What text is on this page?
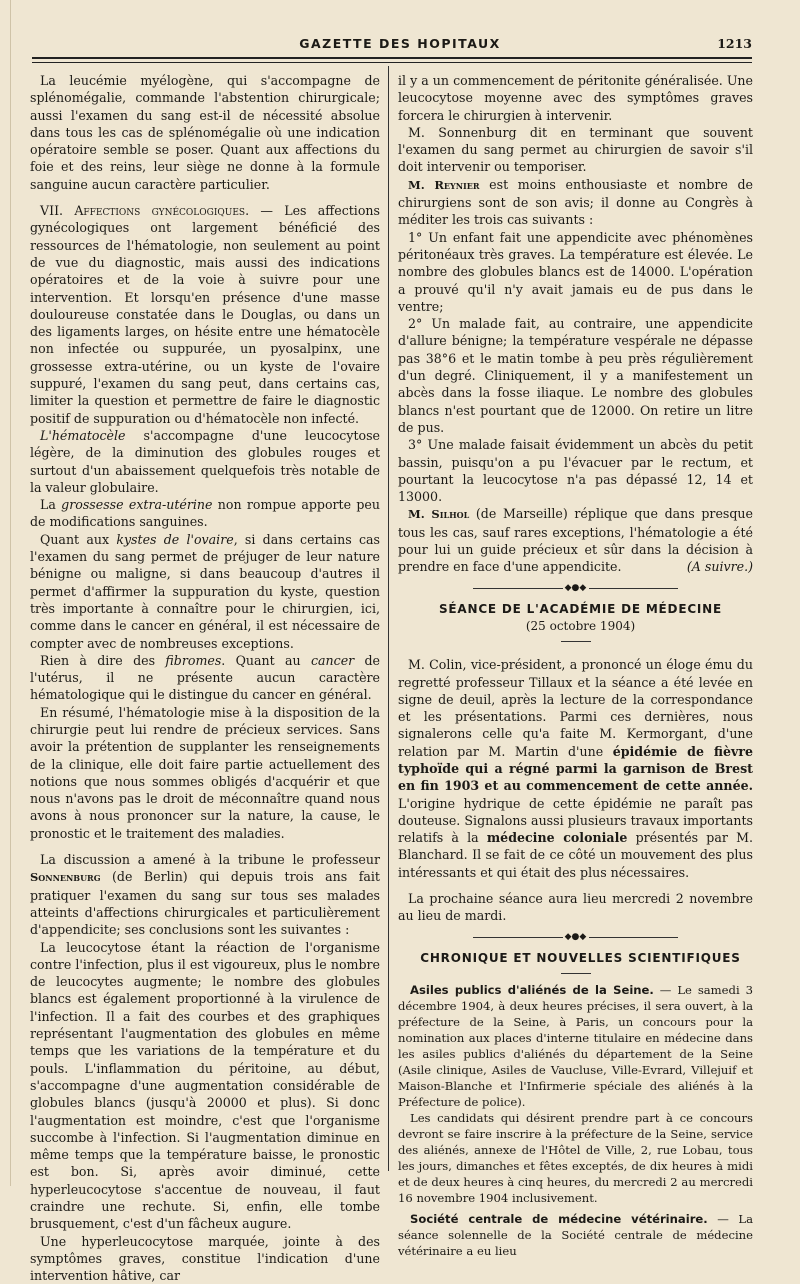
GAZETTE DES HOPITAUX	1213

La leucémie myélogène, qui s'accompagne de splénomégalie, commande l'abstention chirurgicale; aussi l'examen du sang est-il de nécessité absolue dans tous les cas de splénomégalie où une indication opératoire semble se poser. Quant aux affections du foie et des reins, leur siège ne donne à la formule sanguine aucun caractère particulier.

VII. Affections gynécologiques. — Les affections gynécologiques ont largement bénéficié des ressources de l'hématologie, non seulement au point de vue du diagnostic, mais aussi des indications opératoires et de la voie à suivre pour une intervention. Et lorsqu'en présence d'une masse douloureuse constatée dans le Douglas, ou dans un des ligaments larges, on hésite entre une hématocèle non infectée ou suppurée, un pyosalpinx, une grossesse extra-utérine, ou un kyste de l'ovaire suppuré, l'examen du sang peut, dans certains cas, limiter la question et permettre de faire le diagnostic positif de suppuration ou d'hématocèle non infecté.

L'hématocèle s'accompagne d'une leucocytose légère, de la diminution des globules rouges et surtout d'un abaissement quelquefois très notable de la valeur globulaire.

La grossesse extra-utérine non rompue apporte peu de modifications sanguines.

Quant aux kystes de l'ovaire, si dans certains cas l'examen du sang permet de préjuger de leur nature bénigne ou maligne, si dans beaucoup d'autres il permet d'affirmer la suppuration du kyste, question très importante à connaître pour le chirurgien, ici, comme dans le cancer en général, il est nécessaire de compter avec de nombreuses exceptions.

Rien à dire des fibromes. Quant au cancer de l'utérus, il ne présente aucun caractère hématologique qui le distingue du cancer en général.

En résumé, l'hématologie mise à la disposition de la chirurgie peut lui rendre de précieux services. Sans avoir la prétention de supplanter les renseignements de la clinique, elle doit faire partie actuellement des notions que nous sommes obligés d'acquérir et que nous n'avons pas le droit de méconnaître quand nous avons à nous prononcer sur la nature, la cause, le pronostic et le traitement des maladies.

La discussion a amené à la tribune le professeur Sonnenburg (de Berlin) qui depuis trois ans fait pratiquer l'examen du sang sur tous ses malades atteints d'affections chirurgicales et particulièrement d'appendicite; ses conclusions sont les suivantes :

La leucocytose étant la réaction de l'organisme contre l'infection, plus il est vigoureux, plus le nombre de leucocytes augmente; le nombre des globules blancs est également proportionné à la virulence de l'infection. Il a fait des courbes et des graphiques représentant l'augmentation des globules en même temps que les variations de la température et du pouls. L'inflammation du péritoine, au début, s'accompagne d'une augmentation considérable de globules blancs (jusqu'à 20000 et plus). Si donc l'augmentation est moindre, c'est que l'organisme succombe à l'infection. Si l'augmentation diminue en même temps que la température baisse, le pronostic est bon. Si, après avoir diminué, cette hyperleucocytose s'accentue de nouveau, il faut craindre une rechute. Si, enfin, elle tombe brusquement, c'est d'un fâcheux augure.

Une hyperleucocytose marquée, jointe à des symptômes graves, constitue l'indication d'une intervention hâtive, car

il y a un commencement de péritonite généralisée. Une leucocytose moyenne avec des symptômes graves forcera le chirurgien à intervenir.

M. Sonnenburg dit en terminant que souvent l'examen du sang permet au chirurgien de savoir s'il doit intervenir ou temporiser.

M. Reynier est moins enthousiaste et nombre de chirurgiens sont de son avis; il donne au Congrès à méditer les trois cas suivants :

1° Un enfant fait une appendicite avec phénomènes péritonéaux très graves. La température est élevée. Le nombre des globules blancs est de 14000. L'opération a prouvé qu'il n'y avait jamais eu de pus dans le ventre;

2° Un malade fait, au contraire, une appendicite d'allure bénigne; la température vespérale ne dépasse pas 38°6 et le matin tombe à peu près régulièrement d'un degré. Cliniquement, il y a manifestement un abcès dans la fosse iliaque. Le nombre des globules blancs n'est pourtant que de 12000. On retire un litre de pus.

3° Une malade faisait évidemment un abcès du petit bassin, puisqu'on a pu l'évacuer par le rectum, et pourtant la leucocytose n'a pas dépassé 12, 14 et 13000.

M. Silhol (de Marseille) réplique que dans presque tous les cas, sauf rares exceptions, l'hématologie a été pour lui un guide précieux et sûr dans la décision à prendre en face d'une appendicite.	(A suivre.)

◆●◆

SÉANCE DE L'ACADÉMIE DE MÉDECINE

(25 octobre 1904)

M. Colin, vice-président, a prononcé un éloge ému du regretté professeur Tillaux et la séance a été levée en signe de deuil, après la lecture de la correspondance et les présentations. Parmi ces dernières, nous signalerons celle qu'a faite M. Kermorgant, d'une relation par M. Martin d'une épidémie de fièvre typhoïde qui a régné parmi la garnison de Brest en fin 1903 et au commencement de cette année. L'origine hydrique de cette épidémie ne paraît pas douteuse. Signalons aussi plusieurs travaux importants relatifs à la médecine coloniale présentés par M. Blanchard. Il se fait de ce côté un mouvement des plus intéressants et qui était des plus nécessaires.

La prochaine séance aura lieu mercredi 2 novembre au lieu de mardi.

◆●◆

CHRONIQUE ET NOUVELLES SCIENTIFIQUES

Asiles publics d'aliénés de la Seine. — Le samedi 3 décembre 1904, à deux heures précises, il sera ouvert, à la préfecture de la Seine, à Paris, un concours pour la nomination aux places d'interne titulaire en médecine dans les asiles publics d'aliénés du département de la Seine (Asile clinique, Asiles de Vaucluse, Ville-Evrard, Villejuif et Maison-Blanche et l'Infirmerie spéciale des aliénés à la Préfecture de police).

Les candidats qui désirent prendre part à ce concours devront se faire inscrire à la préfecture de la Seine, service des aliénés, annexe de l'Hôtel de Ville, 2, rue Lobau, tous les jours, dimanches et fêtes exceptés, de dix heures à midi et de deux heures à cinq heures, du mercredi 2 au mercredi 16 novembre 1904 inclusivement.

Société centrale de médecine vétérinaire. — La séance solennelle de la Société centrale de médecine vétérinaire a eu lieu
